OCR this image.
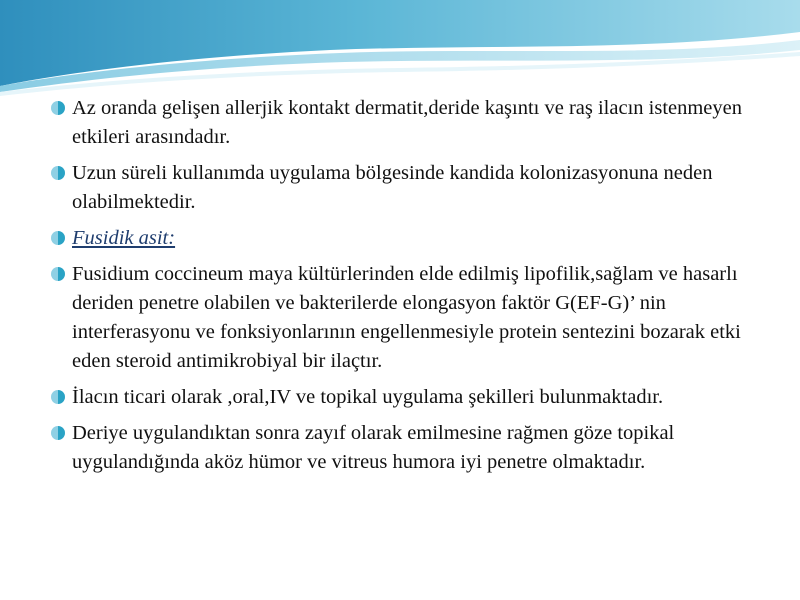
Az oranda gelişen allerjik kontakt dermatit,deride kaşıntı ve raş ilacın istenmeyen etkileri arasındadır.
Uzun süreli kullanımda uygulama bölgesinde kandida kolonizasyonuna neden olabilmektedir.
Fusidik asit:
Fusidium coccineum maya kültürlerinden elde edilmiş lipofilik,sağlam ve hasarlı deriden penetre olabilen ve bakterilerde elongasyon faktör G(EF-G)’ nin interferasyonu ve fonksiyonlarının engellenmesiyle protein sentezini bozarak etki eden steroid antimikrobiyal bir ilaçtır.
İlacın ticari olarak ,oral,IV ve topikal uygulama şekilleri bulunmaktadır.
Deriye uygulandıktan sonra zayıf olarak emilmesine rağmen göze topikal uygulandığında aköz hümor ve vitreus humora iyi penetre olmaktadır.
